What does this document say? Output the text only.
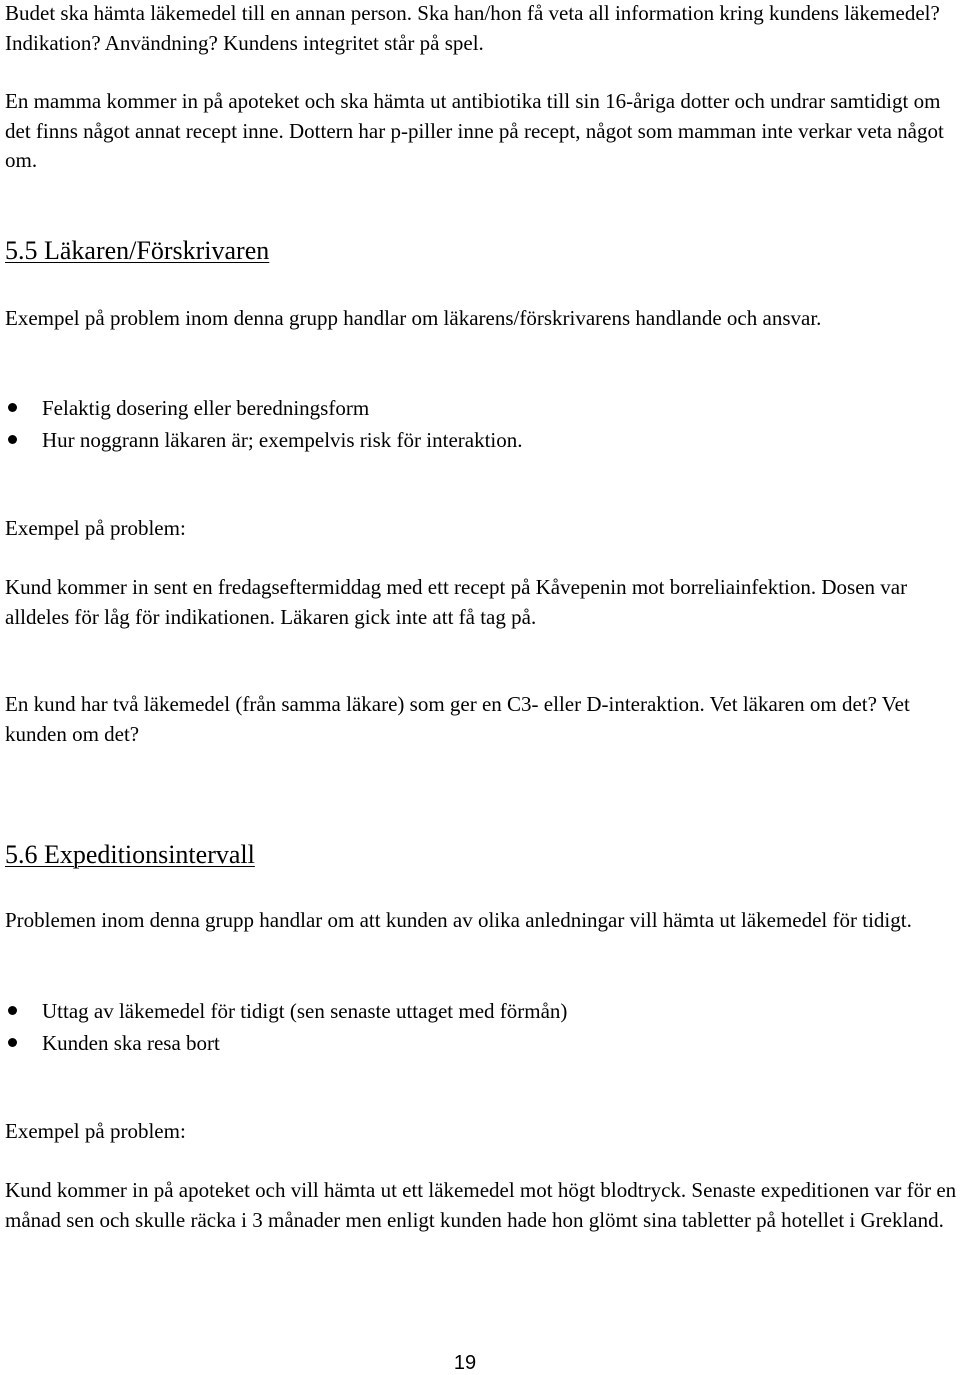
Budet ska hämta läkemedel till en annan person. Ska han/hon få veta all information kring kundens läkemedel? Indikation? Användning? Kundens integritet står på spel.

En mamma kommer in på apoteket och ska hämta ut antibiotika till sin 16-åriga dotter och undrar samtidigt om det finns något annat recept inne. Dottern har p-piller inne på recept, något som mamman inte verkar veta något om.

5.5 Läkaren/Förskrivaren

Exempel på problem inom denna grupp handlar om läkarens/förskrivarens handlande och ansvar.

Felaktig dosering eller beredningsform
Hur noggrann läkaren är; exempelvis risk för interaktion.

Exempel på problem:

Kund kommer in sent en fredagseftermiddag med ett recept på Kåvepenin mot borreliainfektion. Dosen var alldeles för låg för indikationen. Läkaren gick inte att få tag på.

En kund har två läkemedel (från samma läkare) som ger en C3- eller D-interaktion. Vet läkaren om det? Vet kunden om det?

5.6 Expeditionsintervall

Problemen inom denna grupp handlar om att kunden av olika anledningar vill hämta ut läkemedel för tidigt.

Uttag av läkemedel för tidigt (sen senaste uttaget med förmån)
Kunden ska resa bort

Exempel på problem:

Kund kommer in på apoteket och vill hämta ut ett läkemedel mot högt blodtryck. Senaste expeditionen var för en månad sen och skulle räcka i 3 månader men enligt kunden hade hon glömt sina tabletter på hotellet i Grekland.

19
